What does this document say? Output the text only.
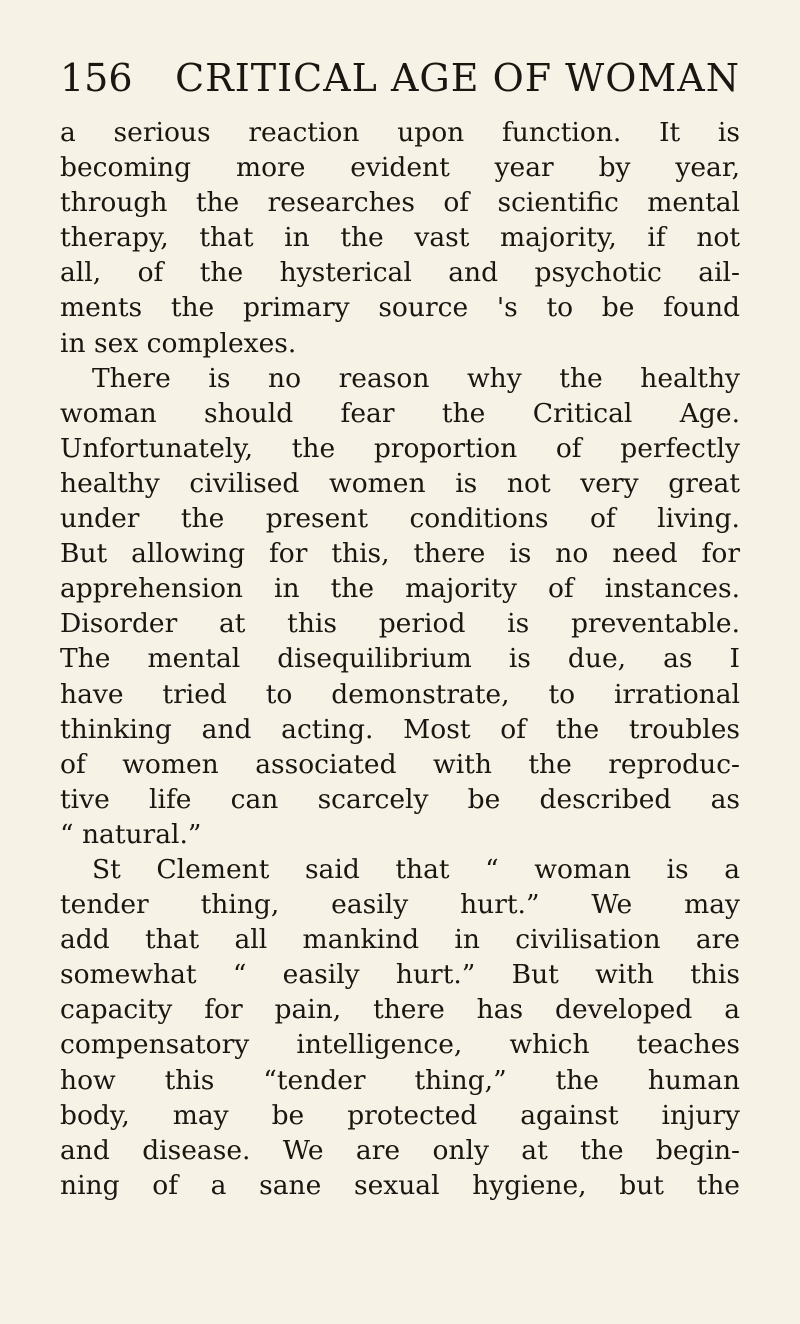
156 CRITICAL AGE OF WOMAN
a serious reaction upon function. It is
becoming more evident year by year,
through the researches of scientific mental
therapy, that in the vast majority, if not
all, of the hysterical and psychotic ail-
ments the primary source 's to be found
in sex complexes.
There is no reason why the healthy
woman should fear the Critical Age.
Unfortunately, the proportion of perfectly
healthy civilised women is not very great
under the present conditions of living.
But allowing for this, there is no need for
apprehension in the majority of instances.
Disorder at this period is preventable.
The mental disequilibrium is due, as I
have tried to demonstrate, to irrational
thinking and acting. Most of the troubles
of women associated with the reproduc-
tive life can scarcely be described as
“ natural.”
St Clement said that “ woman is a
tender thing, easily hurt.” We may
add that all mankind in civilisation are
somewhat “ easily hurt.” But with this
capacity for pain, there has developed a
compensatory intelligence, which teaches
how this “tender thing,” the human
body, may be protected against injury
and disease. We are only at the begin-
ning of a sane sexual hygiene, but the
